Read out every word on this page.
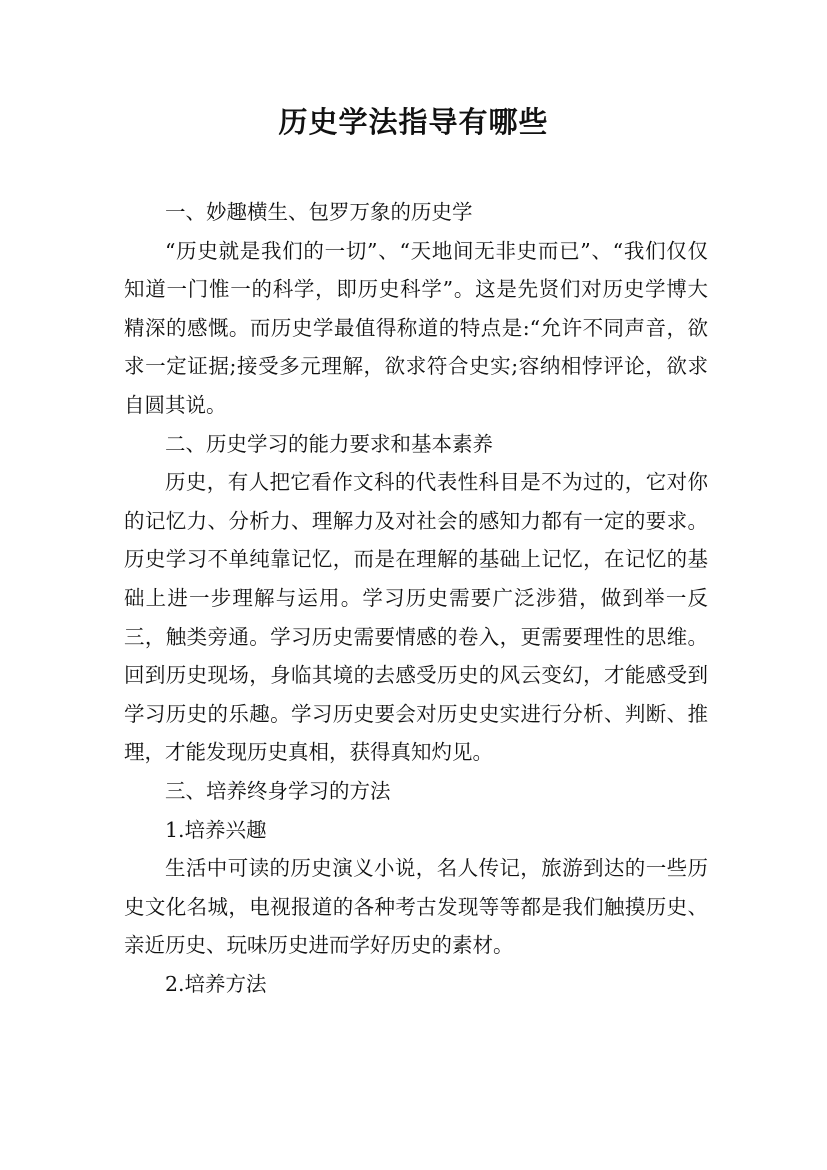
历史学法指导有哪些

一、妙趣横生、包罗万象的历史学

“历史就是我们的一切”、“天地间无非史而已”、“我们仅仅知道一门惟一的科学，即历史科学”。这是先贤们对历史学博大精深的感慨。而历史学最值得称道的特点是:“允许不同声音，欲求一定证据;接受多元理解，欲求符合史实;容纳相悖评论，欲求自圆其说。

二、历史学习的能力要求和基本素养

历史，有人把它看作文科的代表性科目是不为过的，它对你的记忆力、分析力、理解力及对社会的感知力都有一定的要求。历史学习不单纯靠记忆，而是在理解的基础上记忆，在记忆的基础上进一步理解与运用。学习历史需要广泛涉猎，做到举一反三，触类旁通。学习历史需要情感的卷入，更需要理性的思维。回到历史现场，身临其境的去感受历史的风云变幻，才能感受到学习历史的乐趣。学习历史要会对历史史实进行分析、判断、推理，才能发现历史真相，获得真知灼见。

三、培养终身学习的方法

1.培养兴趣

生活中可读的历史演义小说，名人传记，旅游到达的一些历史文化名城，电视报道的各种考古发现等等都是我们触摸历史、亲近历史、玩味历史进而学好历史的素材。

2.培养方法
